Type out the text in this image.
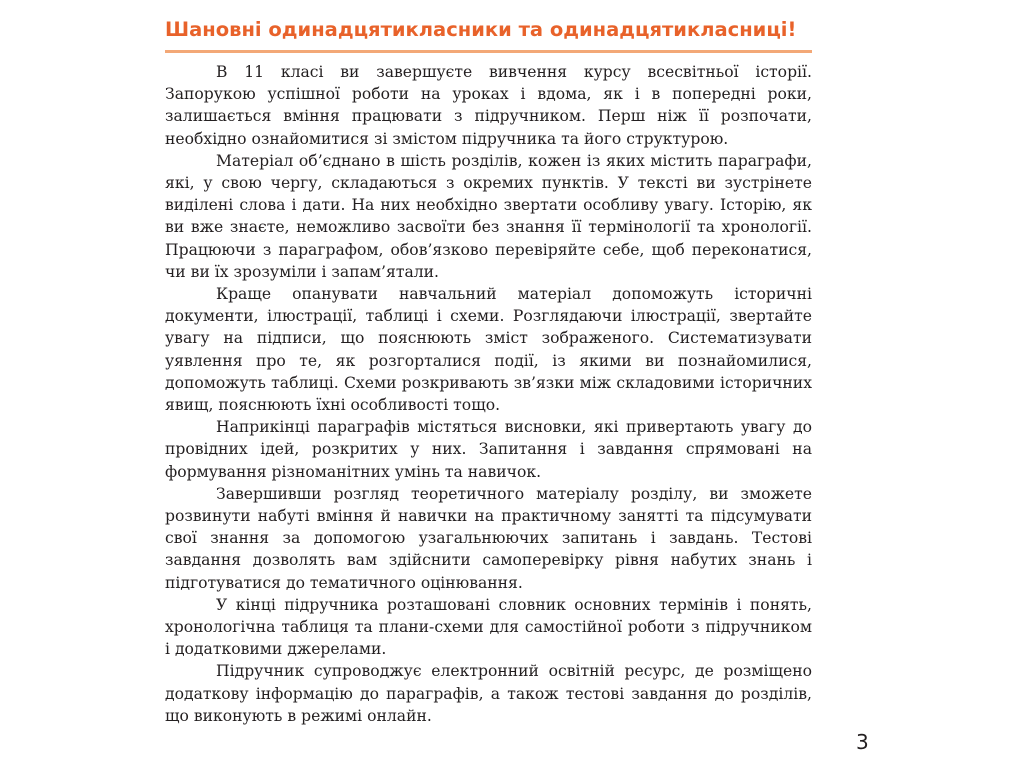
Шановні одинадцятикласники та одинадцятикласниці!

В 11 класі ви завершуєте вивчення курсу всесвітньої історії. Запорукою успішної роботи на уроках і вдома, як і в попередні роки, залишається вміння працювати з підручником. Перш ніж її розпочати, необхідно ознайомитися зі змістом підручника та його структурою.

Матеріал об’єднано в шість розділів, кожен із яких містить параграфи, які, у свою чергу, складаються з окремих пунктів. У тексті ви зустрінете виділені слова і дати. На них необхідно звертати особливу увагу. Історію, як ви вже знаєте, неможливо засвоїти без знання її термінології та хронології. Працюючи з параграфом, обов’язково перевіряйте себе, щоб переконатися, чи ви їх зрозуміли і запам’ятали.

Краще опанувати навчальний матеріал допоможуть історичні документи, ілюстрації, таблиці і схеми. Розглядаючи ілюстрації, звертайте увагу на підписи, що пояснюють зміст зображеного. Систематизувати уявлення про те, як розгорталися події, із якими ви познайомилися, допоможуть таблиці. Схеми розкривають зв’язки між складовими історичних явищ, пояснюють їхні особливості тощо.

Наприкінці параграфів містяться висновки, які привертають увагу до провідних ідей, розкритих у них. Запитання і завдання спрямовані на формування різноманітних умінь та навичок.

Завершивши розгляд теоретичного матеріалу розділу, ви зможете розвинути набуті вміння й навички на практичному занятті та підсумувати свої знання за допомогою узагальнюючих запитань і завдань. Тестові завдання дозволять вам здійснити самоперевірку рівня набутих знань і підготуватися до тематичного оцінювання.

У кінці підручника розташовані словник основних термінів і понять, хронологічна таблиця та плани-схеми для самостійної роботи з підручником і додатковими джерелами.

Підручник супроводжує електронний освітній ресурс, де розміщено додаткову інформацію до параграфів, а також тестові завдання до розділів, що виконують в режимі онлайн.

3
